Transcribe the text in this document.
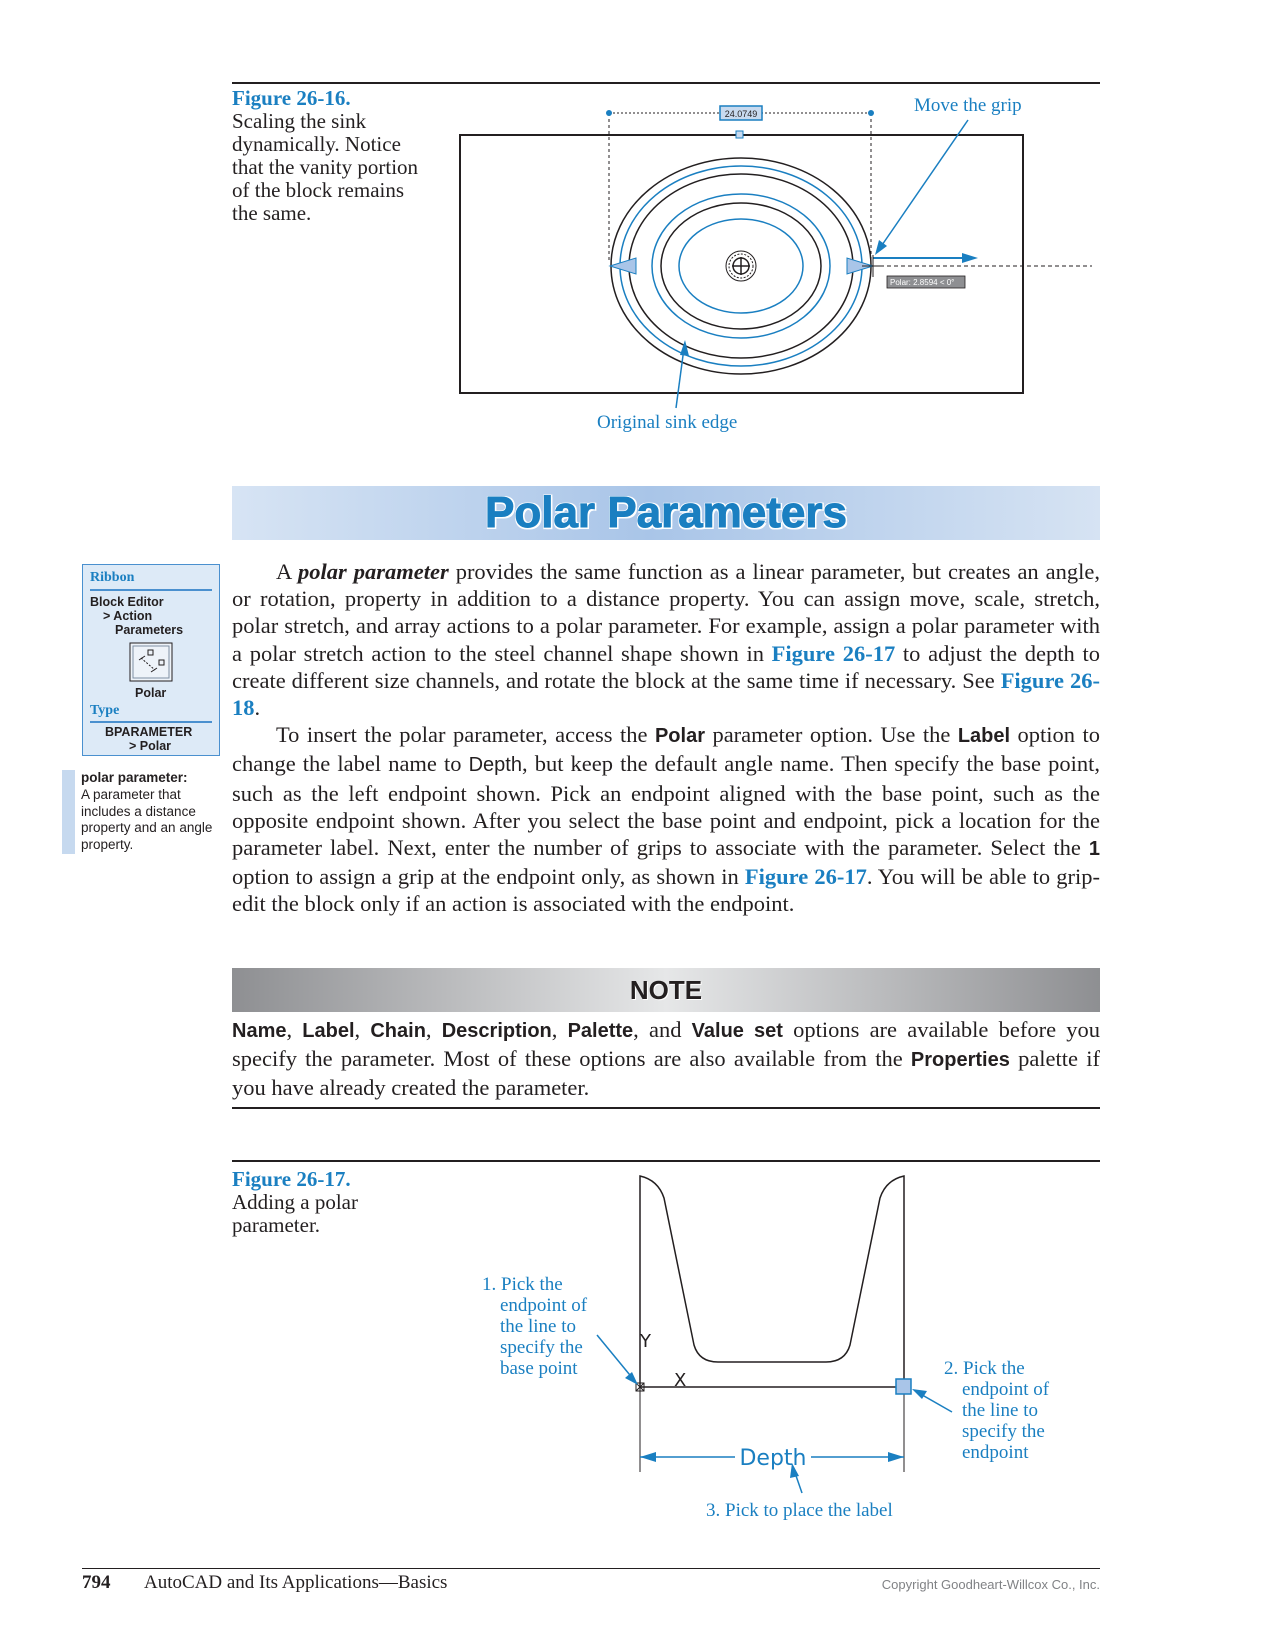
Figure 26-16.
Scaling the sink dynamically. Notice that the vanity portion of the block remains the same.
24.0749
Polar: 2.8594 < 0°
Move the grip
Original sink edge
Polar Parameters
Ribbon
Block Editor
> Action
Parameters
Polar
Type
BPARAMETER
> Polar
polar parameter:
A parameter that includes a distance property and an angle property.

A polar parameter provides the same function as a linear parameter, but creates an angle, or rotation, property in addition to a distance property. You can assign move, scale, stretch, polar stretch, and array actions to a polar parameter. For example, assign a polar parameter with a polar stretch action to the steel channel shape shown in Figure 26-17 to adjust the depth to create different size channels, and rotate the block at the same time if necessary. See Figure 26-18.

To insert the polar parameter, access the Polar parameter option. Use the Label option to change the label name to Depth, but keep the default angle name. Then specify the base point, such as the left endpoint shown. Pick an endpoint aligned with the base point, such as the opposite endpoint shown. After you select the base point and endpoint, pick a location for the parameter label. Next, enter the number of grips to associate with the parameter. Select the 1 option to assign a grip at the endpoint only, as shown in Figure 26-17. You will be able to grip-edit the block only if an action is associated with the endpoint.

NOTE

Name, Label, Chain, Description, Palette, and Value set options are available before you specify the parameter. Most of these options are also available from the Properties palette if you have already created the parameter.

Figure 26-17.
Adding a polar parameter.
Depth
Y
X
1. Pick the
endpoint of
the line to
specify the
base point	2. Pick the
endpoint of
the line to
specify the
endpoint
3. Pick to place the label
794 AutoCAD and Its Applications—Basics	Copyright Goodheart-Willcox Co., Inc.
